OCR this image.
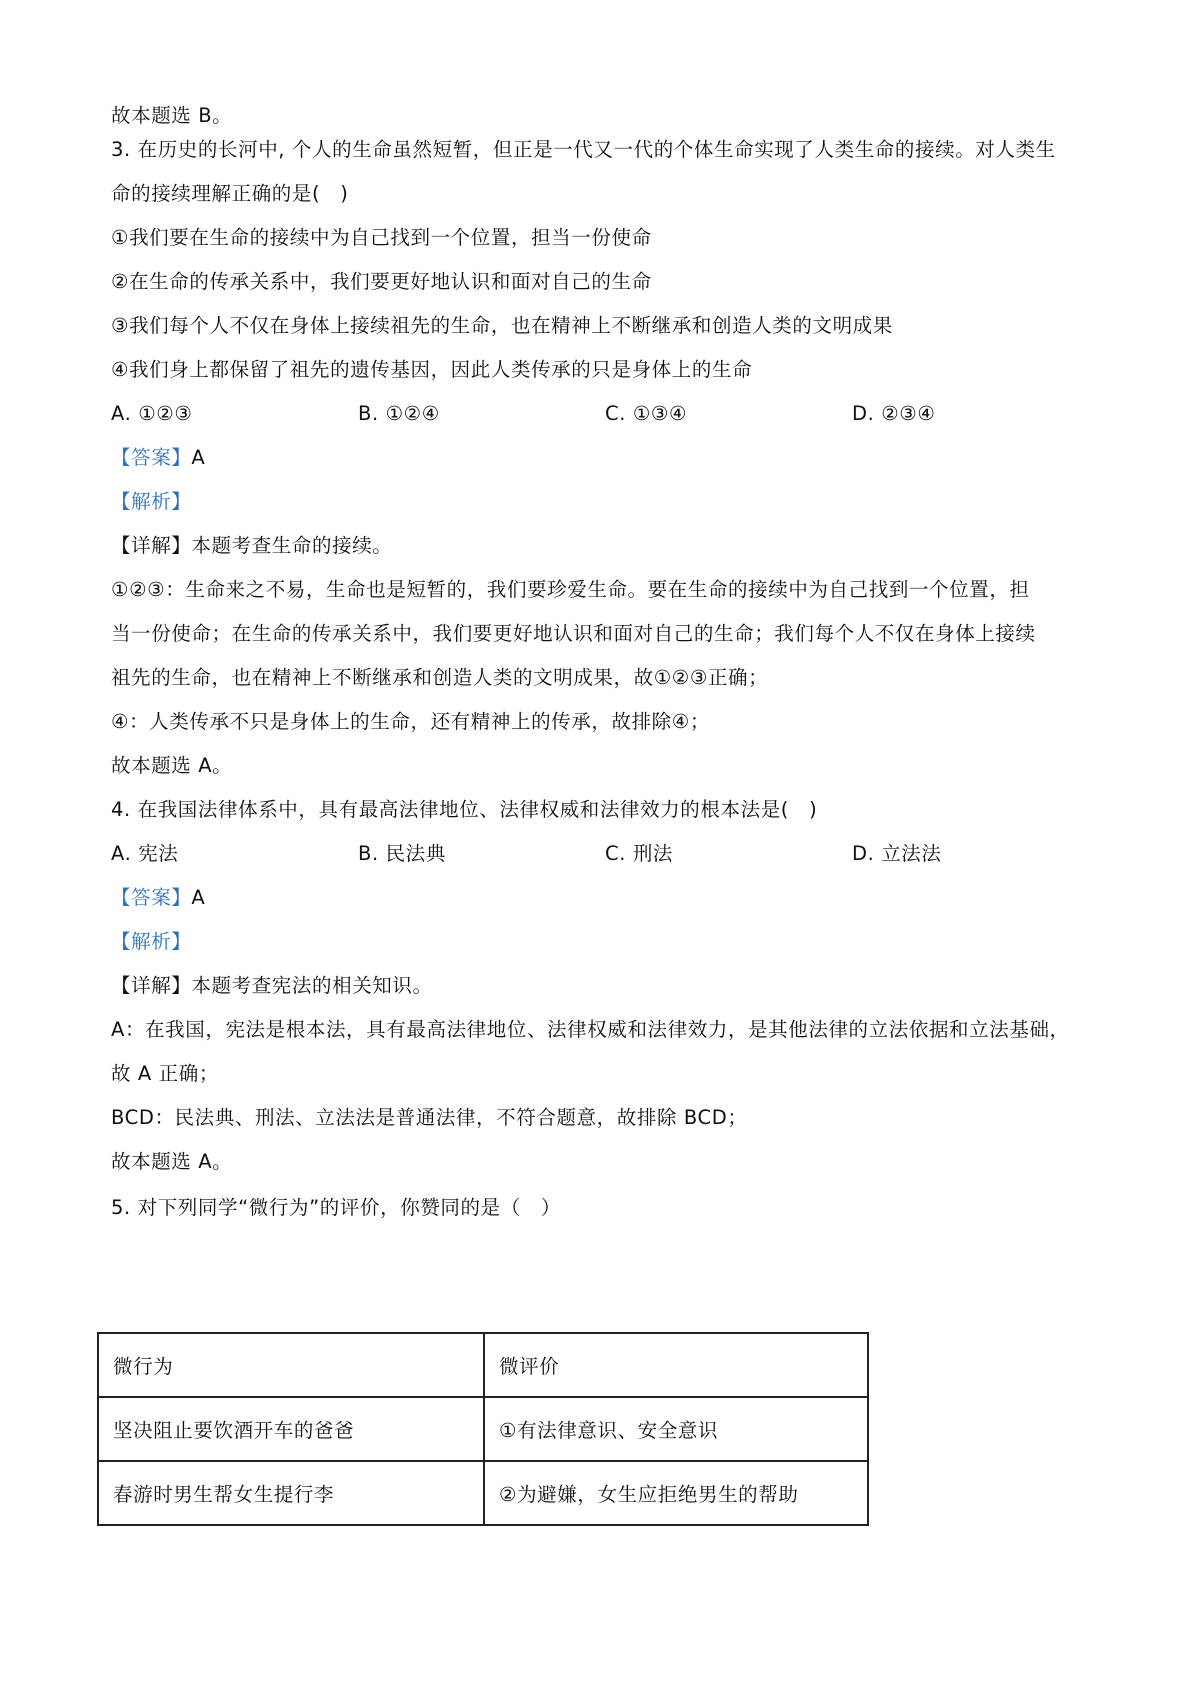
故本题选 B。
3. 在历史的长河中, 个人的生命虽然短暂，但正是一代又一代的个体生命实现了人类生命的接续。对人类生
命的接续理解正确的是(　)
①我们要在生命的接续中为自己找到一个位置，担当一份使命
②在生命的传承关系中，我们要更好地认识和面对自己的生命
③我们每个人不仅在身体上接续祖先的生命，也在精神上不断继承和创造人类的文明成果
④我们身上都保留了祖先的遗传基因，因此人类传承的只是身体上的生命
A. ①②③	B. ①②④	C. ①③④	D. ②③④
【答案】A
【解析】
【详解】本题考查生命的接续。
①②③：生命来之不易，生命也是短暂的，我们要珍爱生命。要在生命的接续中为自己找到一个位置，担
当一份使命；在生命的传承关系中，我们要更好地认识和面对自己的生命；我们每个人不仅在身体上接续
祖先的生命，也在精神上不断继承和创造人类的文明成果，故①②③正确；
④：人类传承不只是身体上的生命，还有精神上的传承，故排除④；
故本题选 A。
4. 在我国法律体系中，具有最高法律地位、法律权威和法律效力的根本法是(　)
A. 宪法	B. 民法典	C. 刑法	D. 立法法
【答案】A
【解析】
【详解】本题考查宪法的相关知识。
A：在我国，宪法是根本法，具有最高法律地位、法律权威和法律效力，是其他法律的立法依据和立法基础，
故 A 正确；
BCD：民法典、刑法、立法法是普通法律，不符合题意，故排除 BCD；
故本题选 A。
5. 对下列同学“微行为”的评价，你赞同的是（　）
微行为	微评价
坚决阻止要饮酒开车的爸爸	①有法律意识、安全意识
春游时男生帮女生提行李	②为避嫌，女生应拒绝男生的帮助
